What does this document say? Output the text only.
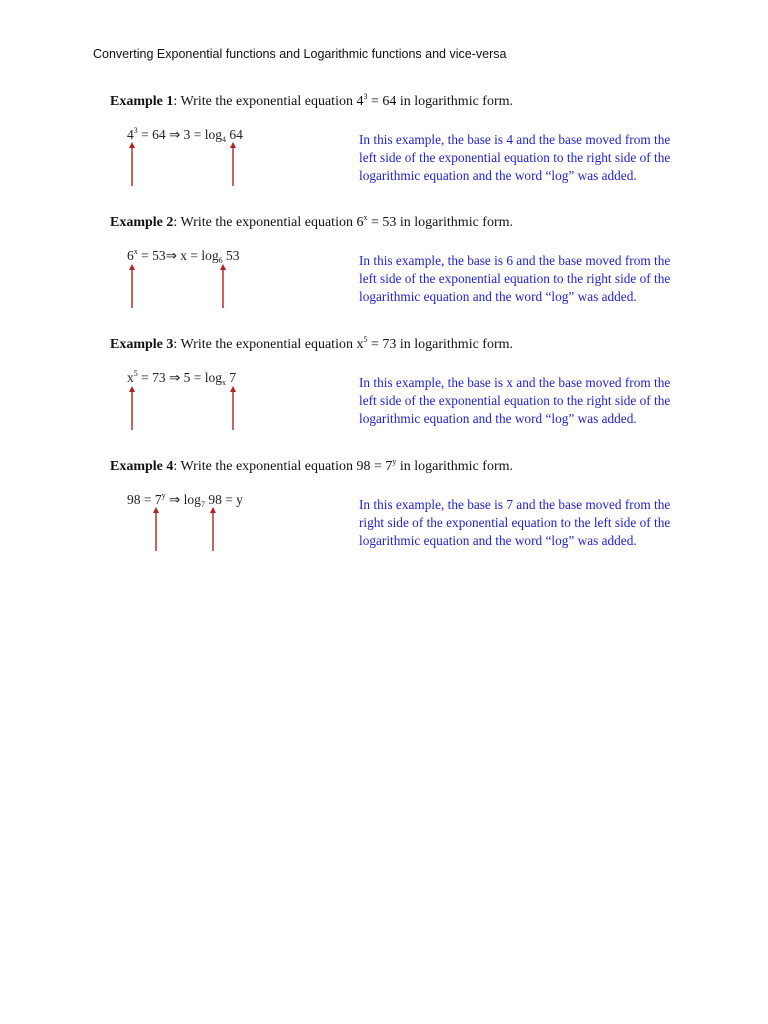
Converting Exponential functions and Logarithmic functions and vice-versa
Example 1: Write the exponential equation $4^3 = 64$ in logarithmic form.
$4^3 = 64$ ⇒ $3 = \log_4 64$	In this example, the base is 4 and the base moved from the
left side of the exponential equation to the right side of the
logarithmic equation and the word “log” was added.
Example 2: Write the exponential equation $6^x = 53$ in logarithmic form.
$6^x$ = 53⇒ $x = \log_6 53$	In this example, the base is 6 and the base moved from the
left side of the exponential equation to the right side of the
logarithmic equation and the word “log” was added.
Example 3: Write the exponential equation $x^5 = 73$ in logarithmic form.
$x^5 = 73$ ⇒ $5 = \log_x 7$	In this example, the base is x and the base moved from the
left side of the exponential equation to the right side of the
logarithmic equation and the word “log” was added.
Example 4: Write the exponential equation $98 = 7^y$ in logarithmic form.
$98 = 7^y$ ⇒ $\log_7 98 = y$	In this example, the base is 7 and the base moved from the
right side of the exponential equation to the left side of the
logarithmic equation and the word “log” was added.
